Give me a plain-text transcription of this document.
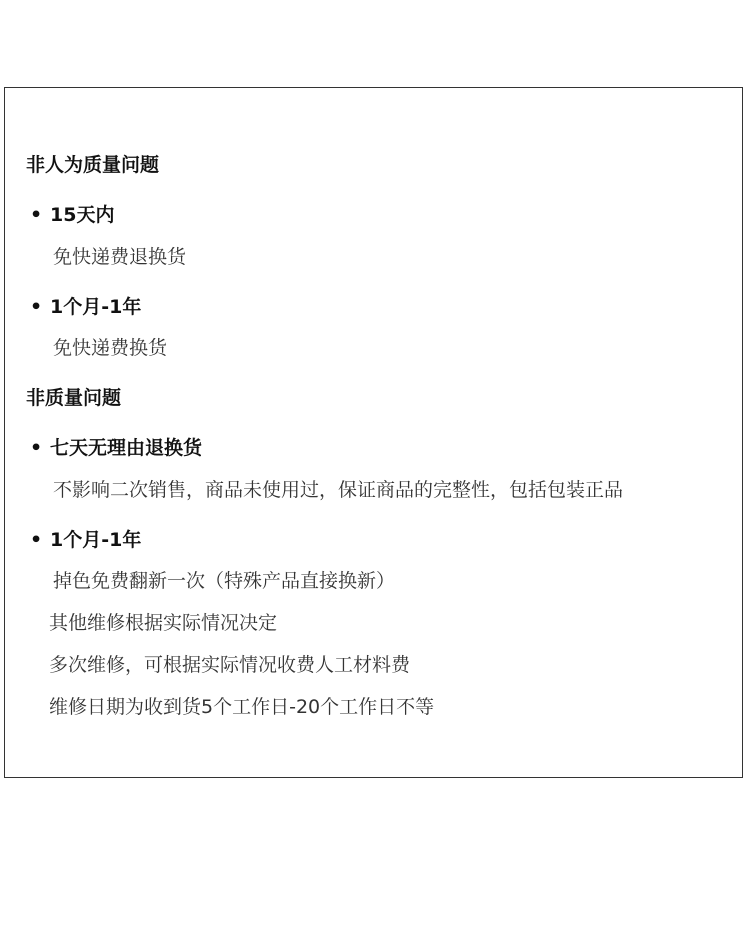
非人为质量问题
• 15天内
免快递费退换货
• 1个月-1年
免快递费换货
非质量问题
• 七天无理由退换货
不影响二次销售，商品未使用过，保证商品的完整性，包括包装正品
• 1个月-1年
掉色免费翻新一次（特殊产品直接换新）
其他维修根据实际情况决定
多次维修，可根据实际情况收费人工材料费
维修日期为收到货5个工作日-20个工作日不等
